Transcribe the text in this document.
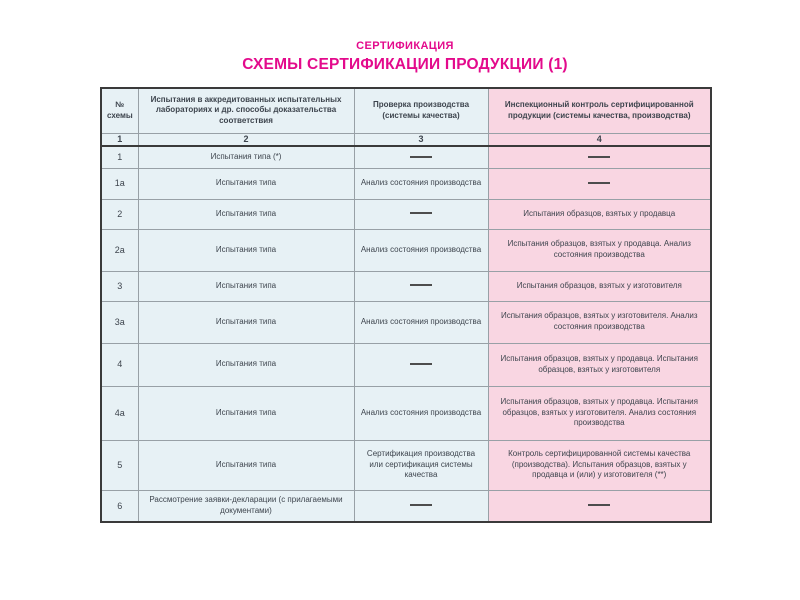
СЕРТИФИКАЦИЯ
СХЕМЫ СЕРТИФИКАЦИИ ПРОДУКЦИИ (1)
№ схемы	Испытания в аккредитованных испытательных лабораториях и др. способы доказательства соответствия	Проверка производства (системы качества)	Инспекционный контроль сертифицированной продукции (системы качества, производства)
1	2	3	4
1	Испытания типа (*)		
1а	Испытания типа	Анализ состояния производства	
2	Испытания типа		Испытания образцов, взятых у продавца
2а	Испытания типа	Анализ состояния производства	Испытания образцов, взятых у продавца. Анализ состояния производства
3	Испытания типа		Испытания образцов, взятых у изготовителя
3а	Испытания типа	Анализ состояния производства	Испытания образцов, взятых у изготовителя. Анализ состояния производства
4	Испытания типа		Испытания образцов, взятых у продавца. Испытания образцов, взятых у изготовителя
4а	Испытания типа	Анализ состояния производства	Испытания образцов, взятых у продавца. Испытания образцов, взятых у изготовителя. Анализ состояния производства
5	Испытания типа	Сертификация производства или сертификация системы качества	Контроль сертифицированной системы качества (производства). Испытания образцов, взятых у продавца и (или) у изготовителя (**)
6	Рассмотрение заявки-декларации (с прилагаемыми документами)		
